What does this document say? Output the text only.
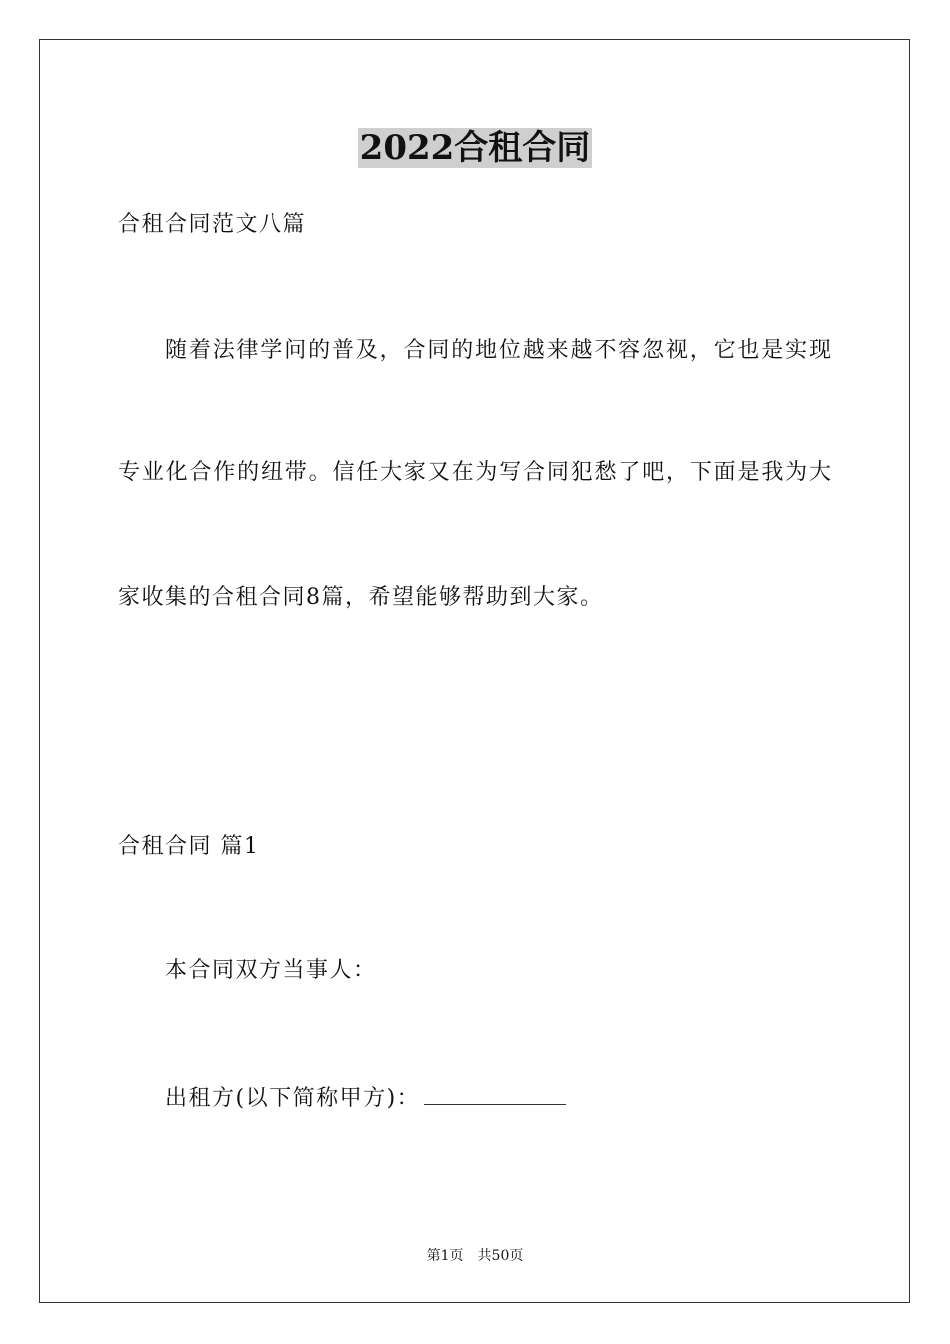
2022合租合同
合租合同范文八篇
随着法律学问的普及，合同的地位越来越不容忽视，它也是实现
专业化合作的纽带。信任大家又在为写合同犯愁了吧，下面是我为大
家收集的合租合同8篇，希望能够帮助到大家。
合租合同 篇1
本合同双方当事人：
出租方(以下简称甲方)：
第1页　共50页
